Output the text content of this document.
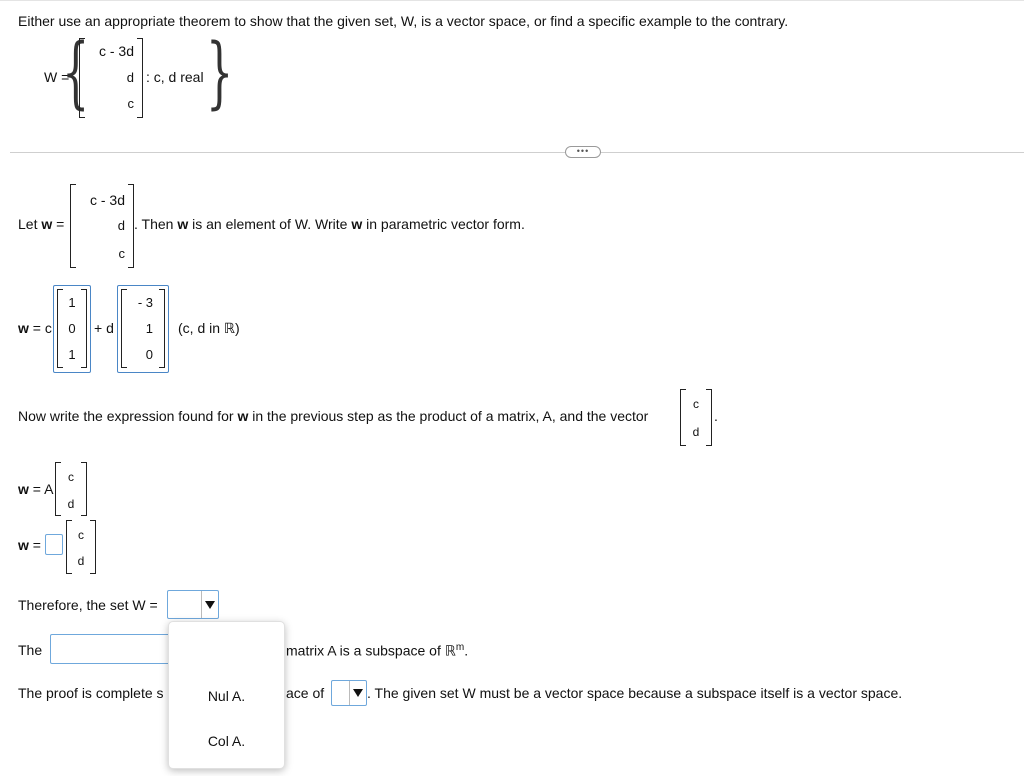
Either use an appropriate theorem to show that the given set, W, is a vector space, or find a specific example to the contrary.
W =
{ c - 3d
d
c
: c, d real }
•••
Let w =
c - 3d
d
c
. Then w is an element of W. Write w in parametric vector form.
w = c
1
0
1
+ d
- 3
1
0
(c, d in ℝ)
Now write the expression found for w in the previous step as the product of a matrix, A, and the vector
c
d
.
w = A
c
d
w =
c
d
Therefore, the set W =
The	matrix A is a subspace of ℝ$^m$.
The proof is complete s	ace of	. The given set W must be a vector space because a subspace itself is a vector space.
Nul A.
Col A.
